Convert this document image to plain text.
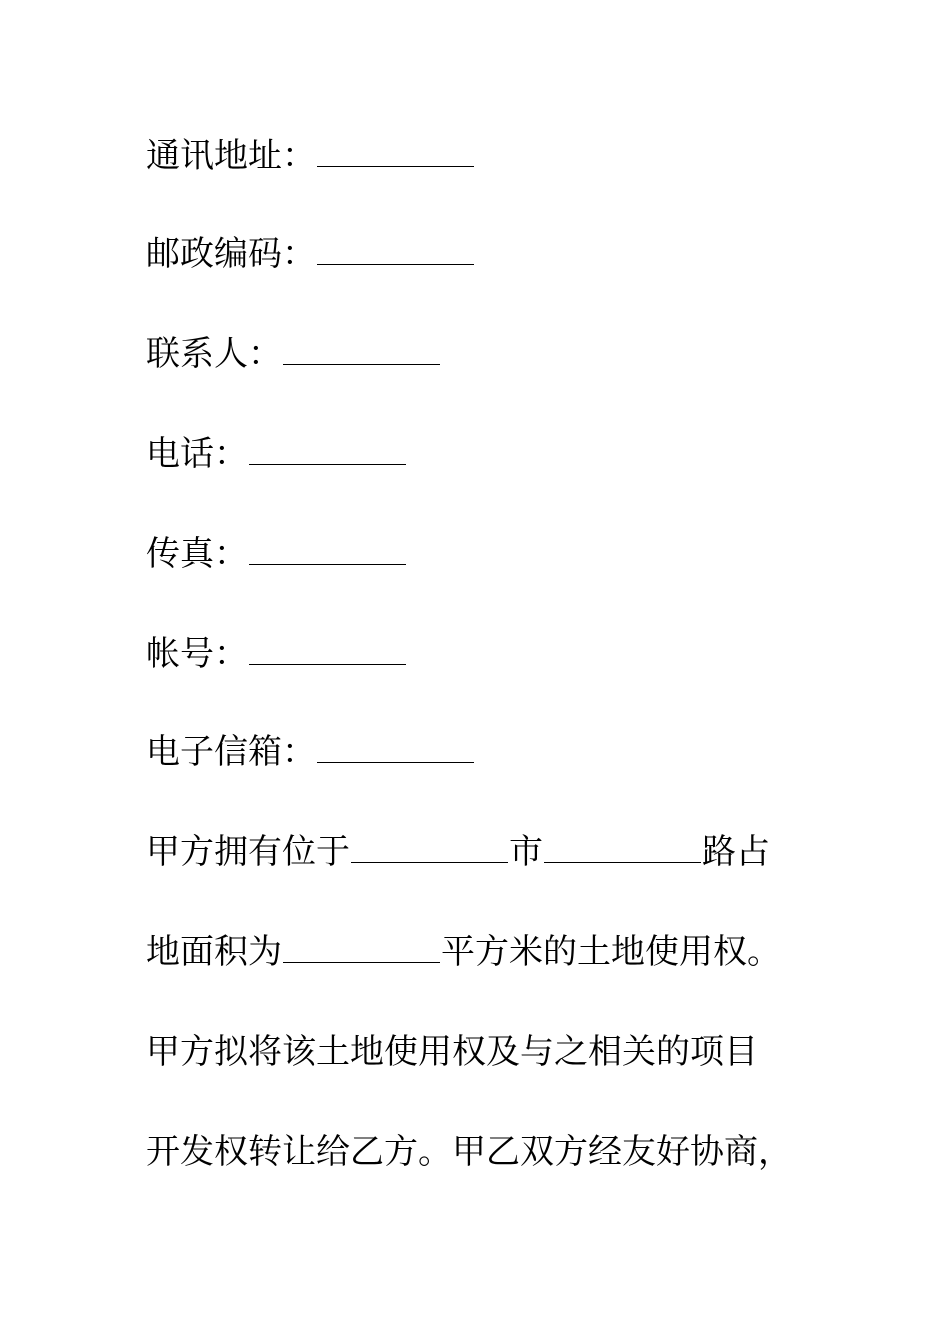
通讯地址：
邮政编码：
联系人：
电话：
传真：
帐号：
电子信箱：
甲方拥有位于	市	路占
地面积为	平方米的土地使用权。
甲方拟将该土地使用权及与之相关的项目
开发权转让给乙方。甲乙双方经友好协商，
